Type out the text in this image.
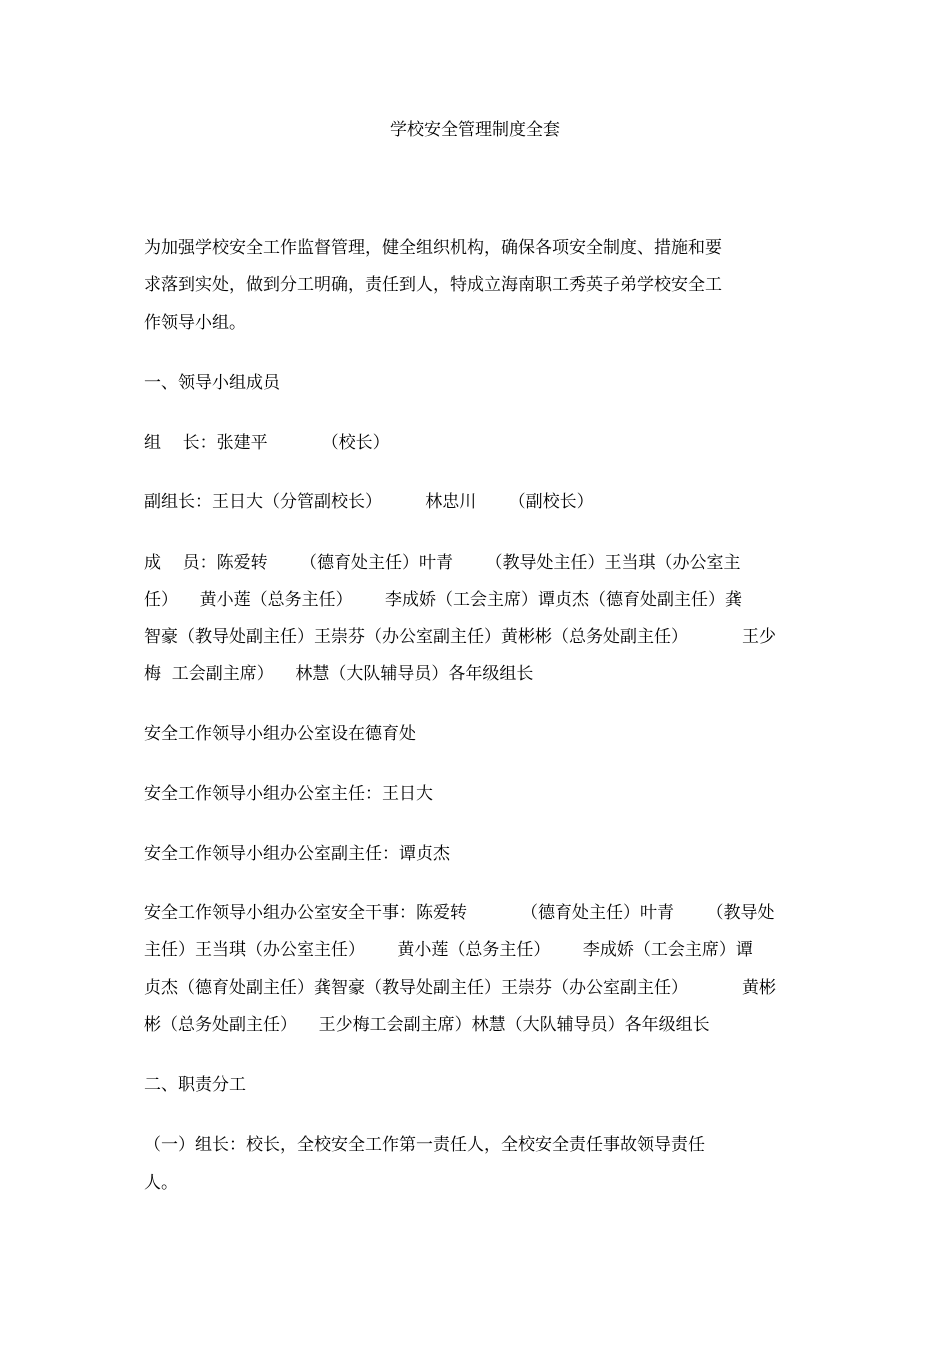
学校安全管理制度全套
为加强学校安全工作监督管理，健全组织机构，确保各项安全制度、措施和要
求落到实处，做到分工明确，责任到人，特成立海南职工秀英子弟学校安全工
作领导小组。
一、领导小组成员
组    长：张建平          （校长）
副组长：王日大（分管副校长）        林忠川      （副校长）
成    员：陈爱转      （德育处主任）叶青      （教导处主任）王当琪（办公室主
任）    黄小莲（总务主任）      李成娇（工会主席）谭贞杰（德育处副主任）龚
智豪（教导处副主任）王崇芬（办公室副主任）黄彬彬（总务处副主任）          王少
梅  工会副主席）    林慧（大队辅导员）各年级组长
安全工作领导小组办公室设在德育处
安全工作领导小组办公室主任：王日大
安全工作领导小组办公室副主任：谭贞杰
安全工作领导小组办公室安全干事：陈爱转          （德育处主任）叶青      （教导处
主任）王当琪（办公室主任）      黄小莲（总务主任）      李成娇（工会主席）谭
贞杰（德育处副主任）龚智豪（教导处副主任）王崇芬（办公室副主任）          黄彬
彬（总务处副主任）    王少梅工会副主席）林慧（大队辅导员）各年级组长
二、职责分工
（一）组长：校长，全校安全工作第一责任人，全校安全责任事故领导责任
人。
